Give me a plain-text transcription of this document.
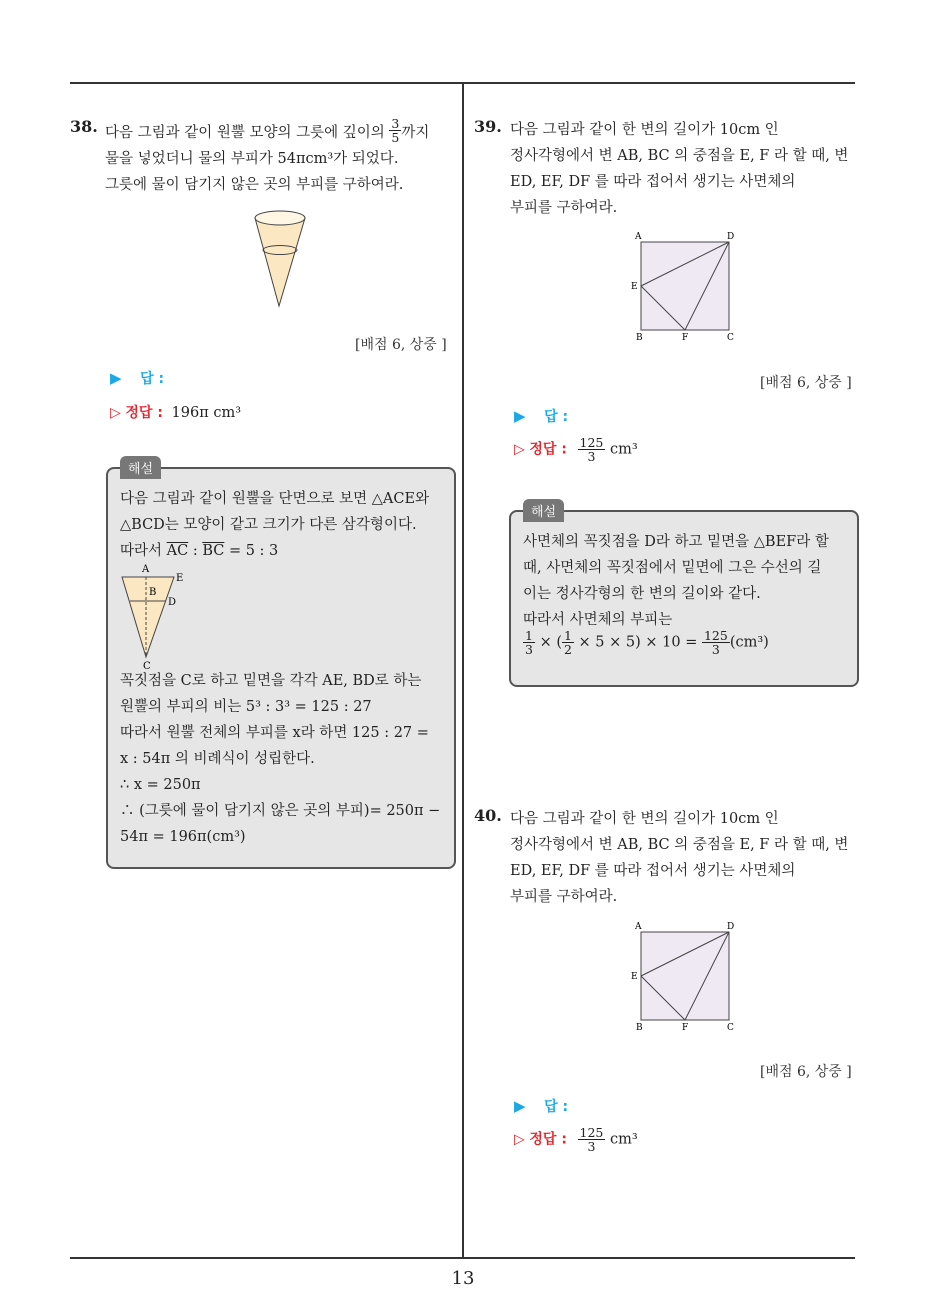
38. 다음 그림과 같이 원뿔 모양의 그릇에 깊이의 $\frac{3}{5}$ 까지
물을 넣었더니 물의 부피가 54πcm³가 되었다.
그릇에 물이 담기지 않은 곳의 부피를 구하여라.
[배점 6, 상중 ]
▶ 답 :
▷ 정답 : 196π cm³
해설
다음 그림과 같이 원뿔을 단면으로 보면 △ACE와
△BCD는 모양이 같고 크기가 다른 삼각형이다.
따라서 $\overline{AC}$ : $\overline{BC} = 5$ : 3
A
E
B
D
C
꼭짓점을 C로 하고 밑면을 각각 AE, BD로 하는
원뿔의 부피의 비는 5³ : 3³ = 125 : 27
따라서 원뿔 전체의 부피를 x라 하면 125 : 27 =
x : 54π 의 비례식이 성립한다.
∴ x = 250π
∴ (그릇에 물이 담기지 않은 곳의 부피)= 250π −
54π = 196π(cm³)
39. 다음 그림과 같이 한 변의 길이가 10cm 인
정사각형에서 변 AB, BC 의 중점을 E, F 라 할 때, 변
ED, EF, DF 를 따라 접어서 생기는 사면체의
부피를 구하여라.
A	D
E
B	F	C
[배점 6, 상중 ]
▶ 답 :
▷ 정답 : $\frac{125}{3} cm^3$
해설
사면체의 꼭짓점을 D라 하고 밑면을 △BEF라 할
때, 사면체의 꼭짓점에서 밑면에 그은 수선의 길
이는 정사각형의 한 변의 길이와 같다.
따라서 사면체의 부피는
$\frac{1}{3}$ × ( $\frac{1}{2} \times 5 \times 5) \times 10 = \frac{125}{3} (cm^3)$
40. 다음 그림과 같이 한 변의 길이가 10cm 인
정사각형에서 변 AB, BC 의 중점을 E, F 라 할 때, 변
ED, EF, DF 를 따라 접어서 생기는 사면체의
부피를 구하여라.
A	D
E
B	F	C
[배점 6, 상중 ]
▶ 답 :
▷ 정답 : $\frac{125}{3} cm^3$
13
